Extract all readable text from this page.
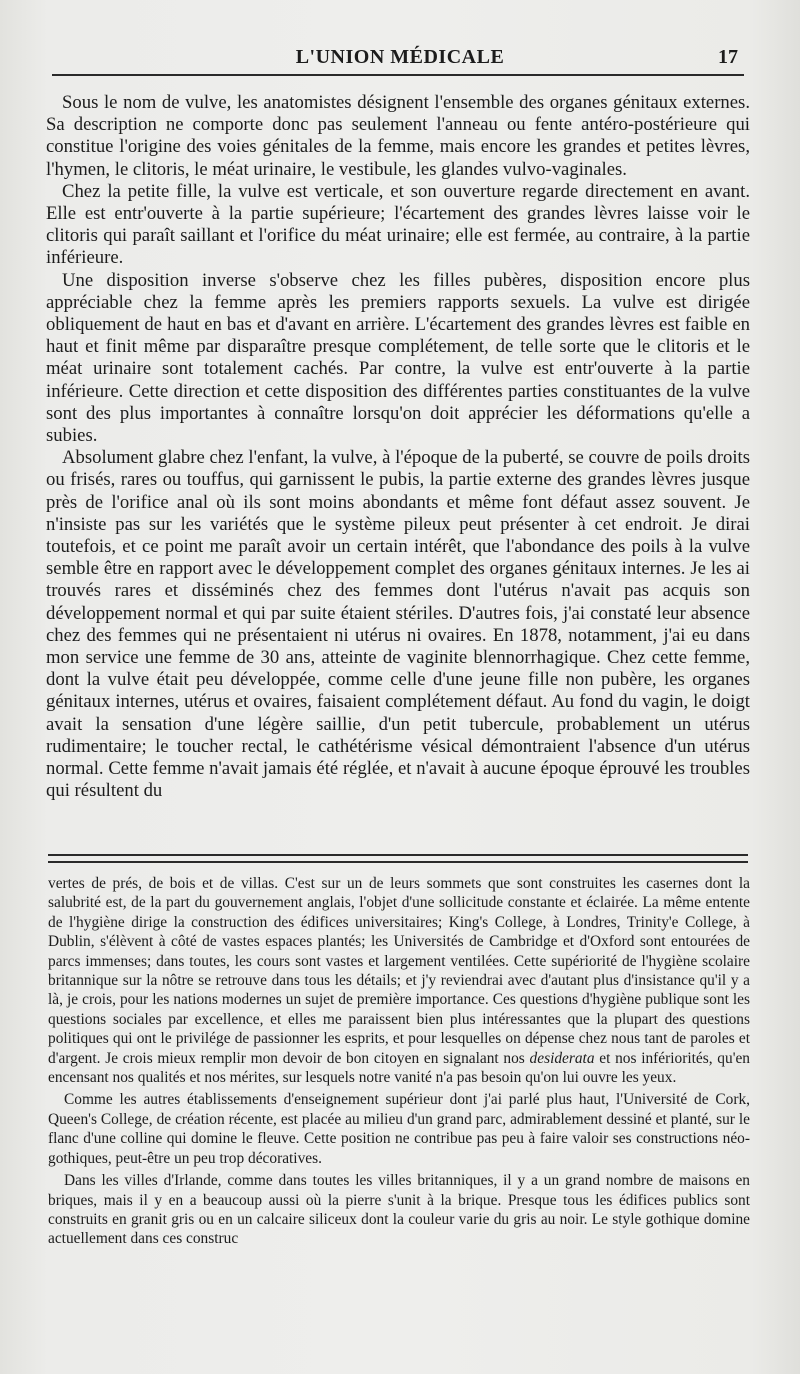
L'UNION MÉDICALE	17

Sous le nom de vulve, les anatomistes désignent l'ensemble des organes génitaux externes. Sa description ne comporte donc pas seulement l'anneau ou fente antéro-postérieure qui constitue l'origine des voies génitales de la femme, mais encore les grandes et petites lèvres, l'hymen, le clitoris, le méat urinaire, le vestibule, les glandes vulvo-vaginales.

Chez la petite fille, la vulve est verticale, et son ouverture regarde directement en avant. Elle est entr'ouverte à la partie supérieure; l'écartement des grandes lèvres laisse voir le clitoris qui paraît saillant et l'orifice du méat urinaire; elle est fermée, au contraire, à la partie inférieure.

Une disposition inverse s'observe chez les filles pubères, disposition encore plus appréciable chez la femme après les premiers rapports sexuels. La vulve est dirigée obliquement de haut en bas et d'avant en arrière. L'écartement des grandes lèvres est faible en haut et finit même par disparaître presque complétement, de telle sorte que le clitoris et le méat urinaire sont totalement cachés. Par contre, la vulve est entr'ouverte à la partie inférieure. Cette direction et cette disposition des différentes parties constituantes de la vulve sont des plus importantes à connaître lorsqu'on doit apprécier les déformations qu'elle a subies.

Absolument glabre chez l'enfant, la vulve, à l'époque de la puberté, se couvre de poils droits ou frisés, rares ou touffus, qui garnissent le pubis, la partie externe des grandes lèvres jusque près de l'orifice anal où ils sont moins abondants et même font défaut assez souvent. Je n'insiste pas sur les variétés que le système pileux peut présenter à cet endroit. Je dirai toutefois, et ce point me paraît avoir un certain intérêt, que l'abondance des poils à la vulve semble être en rapport avec le développement complet des organes génitaux internes. Je les ai trouvés rares et disséminés chez des femmes dont l'utérus n'avait pas acquis son développement normal et qui par suite étaient stériles. D'autres fois, j'ai constaté leur absence chez des femmes qui ne présentaient ni utérus ni ovaires. En 1878, notamment, j'ai eu dans mon service une femme de 30 ans, atteinte de vaginite blennorrhagique. Chez cette femme, dont la vulve était peu développée, comme celle d'une jeune fille non pubère, les organes génitaux internes, utérus et ovaires, faisaient complétement défaut. Au fond du vagin, le doigt avait la sensation d'une légère saillie, d'un petit tubercule, probablement un utérus rudimentaire; le toucher rectal, le cathétérisme vésical démontraient l'absence d'un utérus normal. Cette femme n'avait jamais été réglée, et n'avait à aucune époque éprouvé les troubles qui résultent du

vertes de prés, de bois et de villas. C'est sur un de leurs sommets que sont construites les casernes dont la salubrité est, de la part du gouvernement anglais, l'objet d'une sollicitude constante et éclairée. La même entente de l'hygiène dirige la construction des édifices universitaires; King's College, à Londres, Trinity'e College, à Dublin, s'élèvent à côté de vastes espaces plantés; les Universités de Cambridge et d'Oxford sont entourées de parcs immenses; dans toutes, les cours sont vastes et largement ventilées. Cette supériorité de l'hygiène scolaire britannique sur la nôtre se retrouve dans tous les détails; et j'y reviendrai avec d'autant plus d'insistance qu'il y a là, je crois, pour les nations modernes un sujet de première importance. Ces questions d'hygiène publique sont les questions sociales par excellence, et elles me paraissent bien plus intéressantes que la plupart des questions politiques qui ont le privilége de passionner les esprits, et pour lesquelles on dépense chez nous tant de paroles et d'argent. Je crois mieux remplir mon devoir de bon citoyen en signalant nos desiderata et nos infériorités, qu'en encensant nos qualités et nos mérites, sur lesquels notre vanité n'a pas besoin qu'on lui ouvre les yeux.

Comme les autres établissements d'enseignement supérieur dont j'ai parlé plus haut, l'Université de Cork, Queen's College, de création récente, est placée au milieu d'un grand parc, admirablement dessiné et planté, sur le flanc d'une colline qui domine le fleuve. Cette position ne contribue pas peu à faire valoir ses constructions néo-gothiques, peut-être un peu trop décoratives.

Dans les villes d'Irlande, comme dans toutes les villes britanniques, il y a un grand nombre de maisons en briques, mais il y en a beaucoup aussi où la pierre s'unit à la brique. Presque tous les édifices publics sont construits en granit gris ou en un calcaire siliceux dont la couleur varie du gris au noir. Le style gothique domine actuellement dans ces construc
